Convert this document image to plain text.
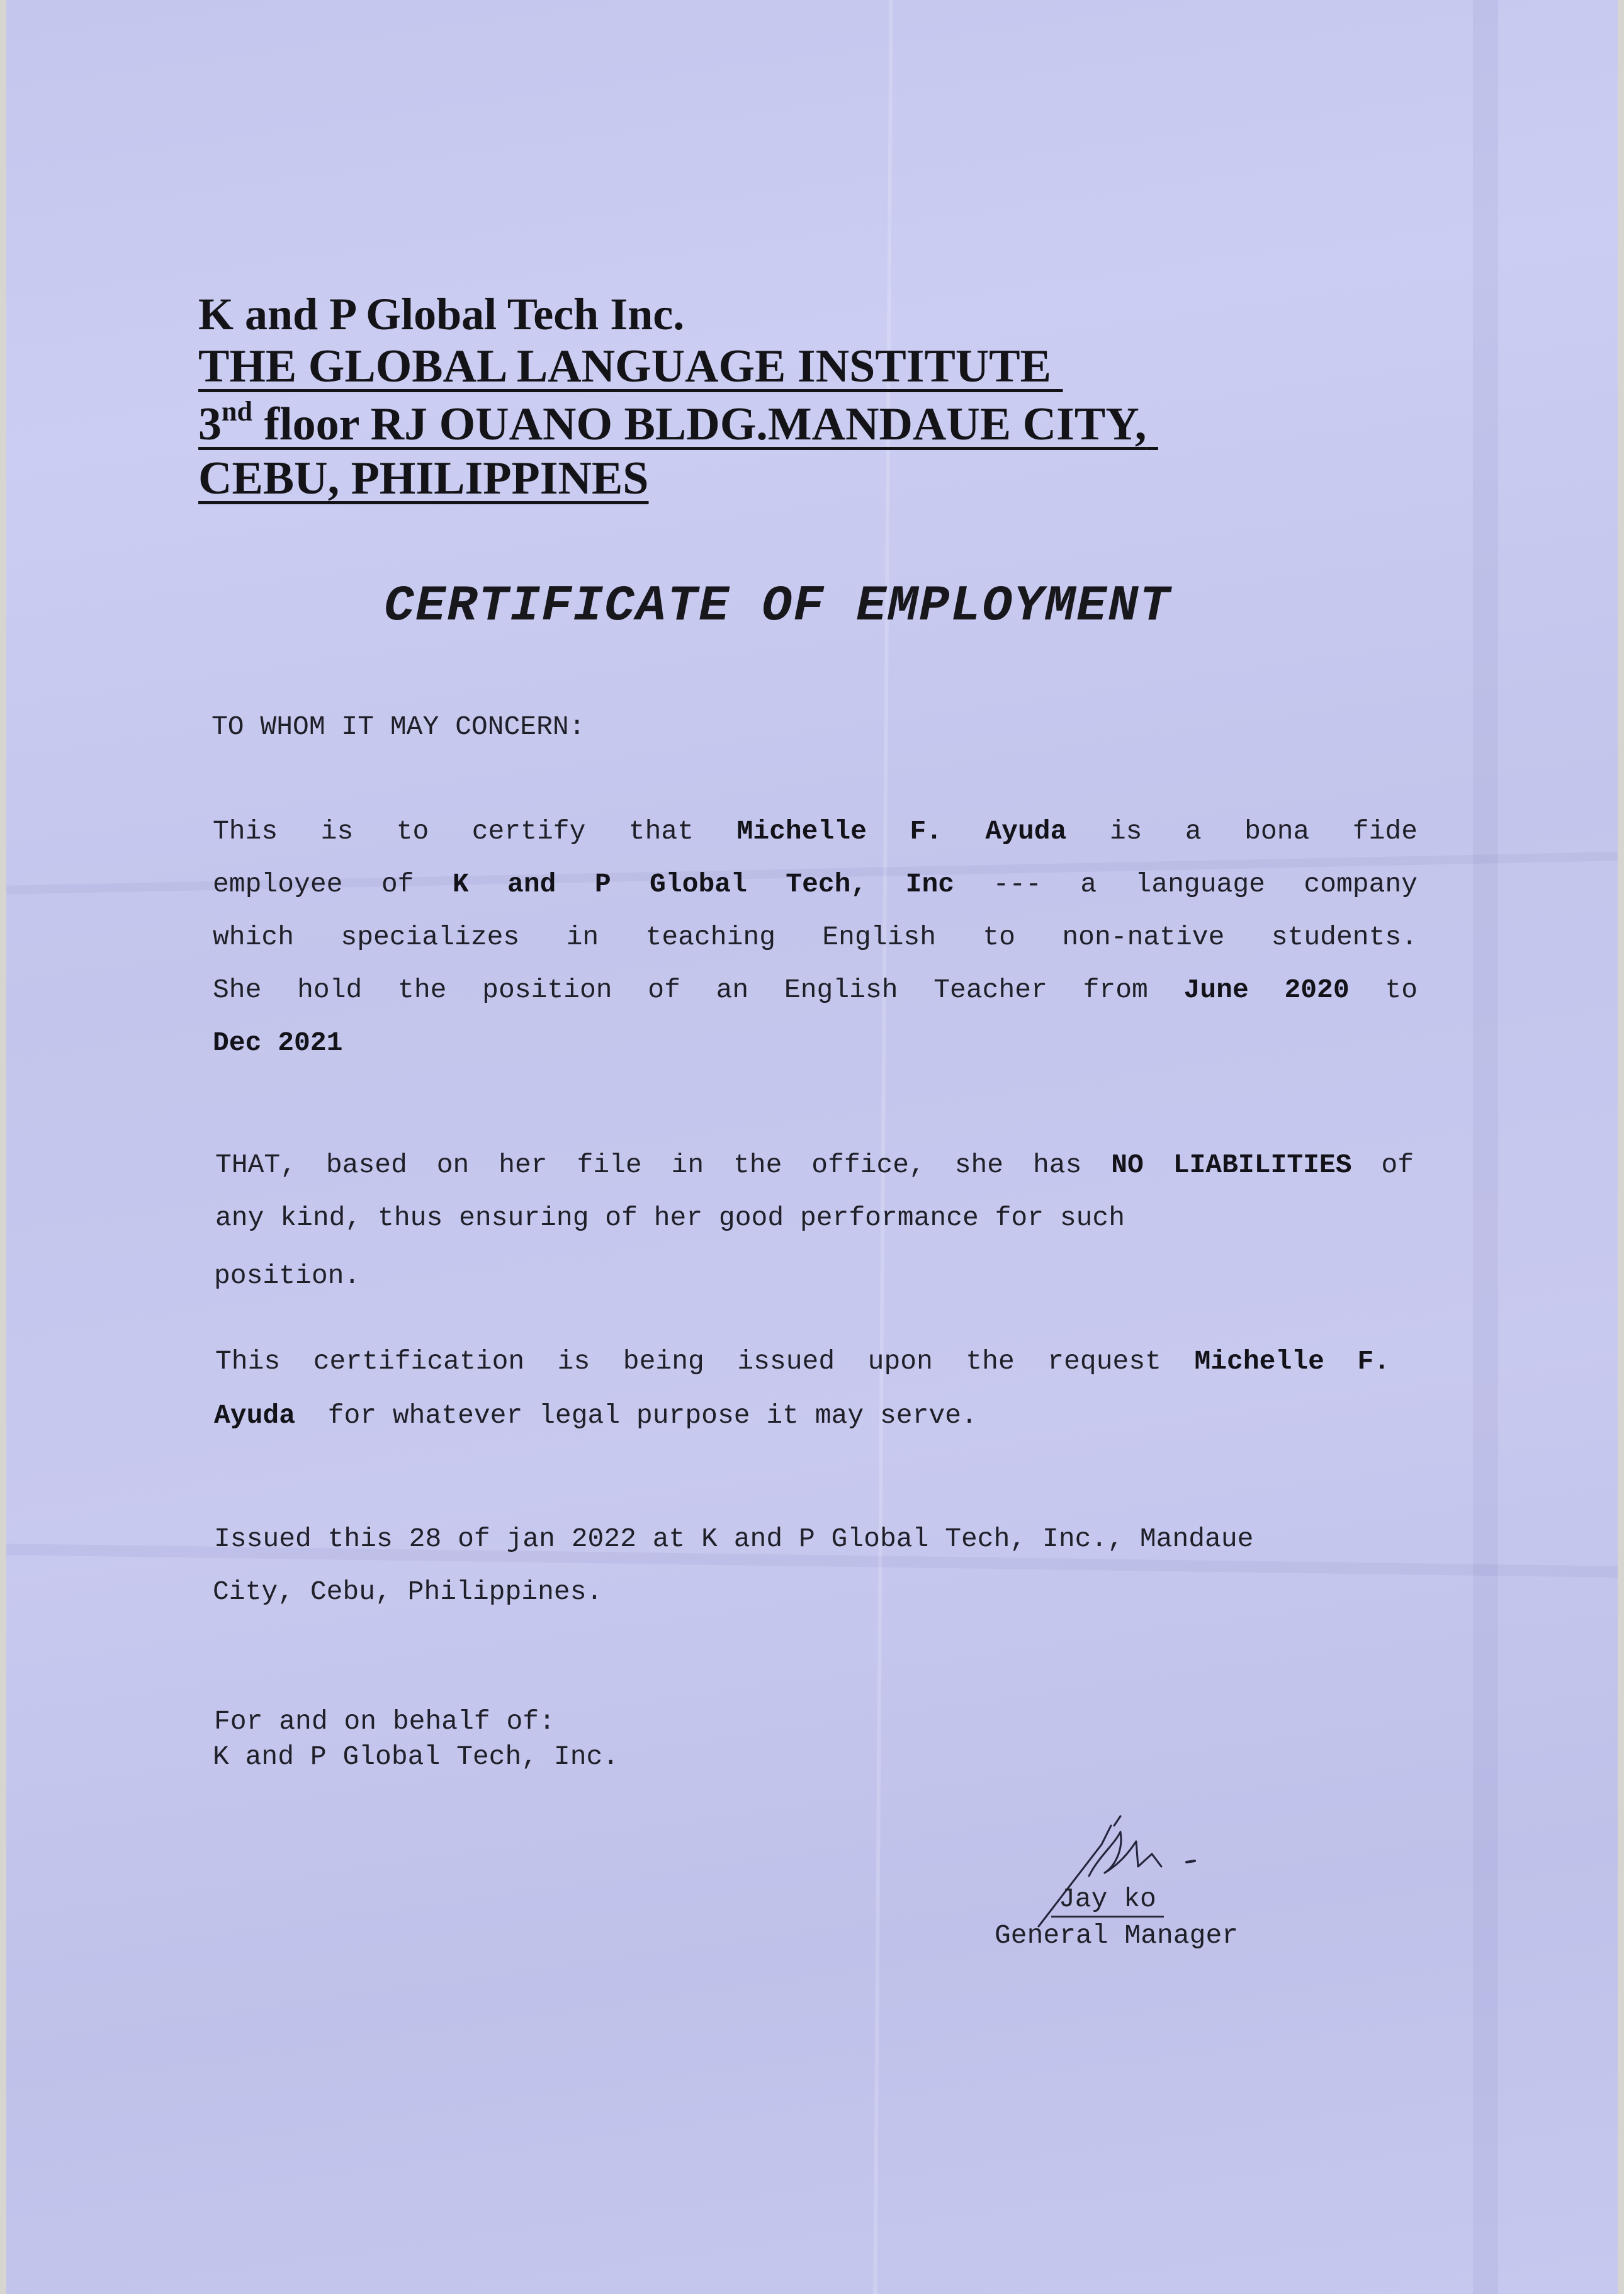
K and P Global Tech Inc.
THE GLOBAL LANGUAGE INSTITUTE
3nd floor RJ OUANO BLDG.MANDAUE CITY,
CEBU, PHILIPPINES
CERTIFICATE OF EMPLOYMENT
TO WHOM IT MAY CONCERN:
This is to certify that Michelle F. Ayuda is a bona fide
employee of K and P Global Tech, Inc --- a language company
which specializes in teaching English to non-native students.
She hold the position of an English Teacher from June 2020 to
Dec 2021
THAT, based on her file in the office, she has NO LIABILITIES of
any kind, thus ensuring of her good performance for such
position.
This certification is being issued upon the request Michelle F.
Ayuda for whatever legal purpose it may serve.
Issued this 28 of jan 2022 at K and P Global Tech, Inc., Mandaue
City, Cebu, Philippines.
For and on behalf of:
K and P Global Tech, Inc.
Jay ko
General Manager
